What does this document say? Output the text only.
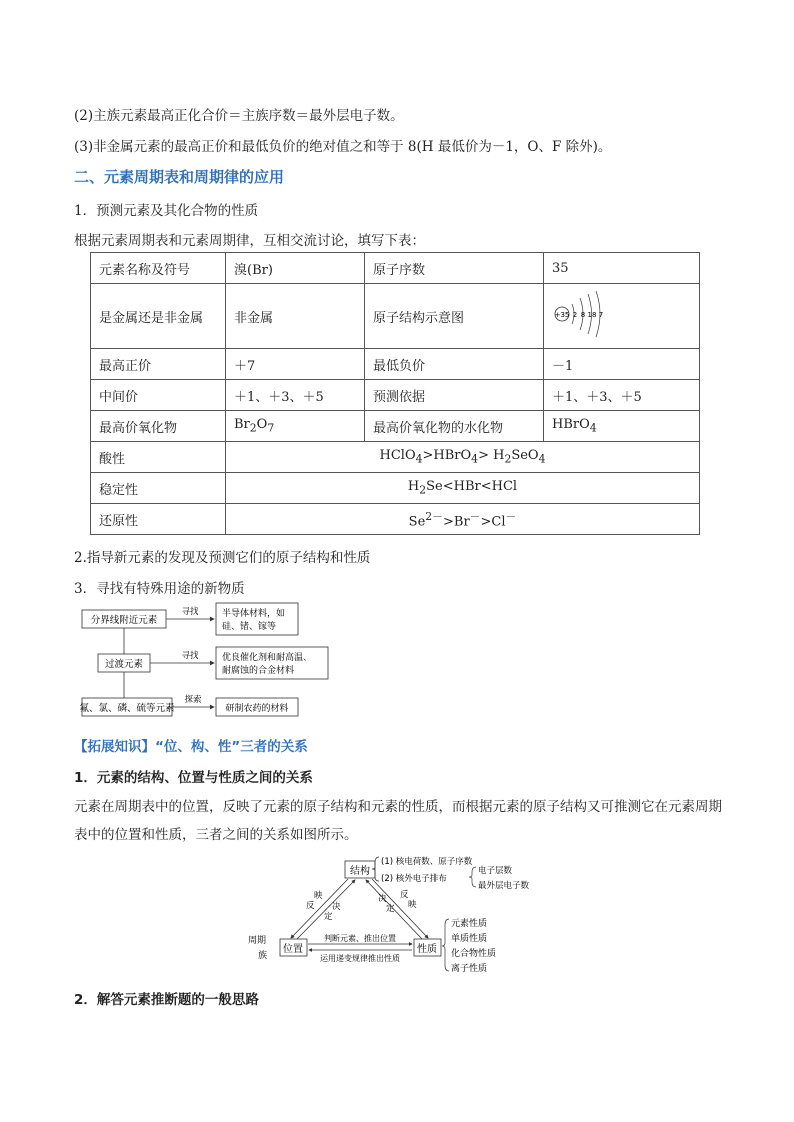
(2)主族元素最高正化合价＝主族序数＝最外层电子数。
(3)非金属元素的最高正价和最低负价的绝对值之和等于 8(H 最低价为－1，O、F 除外)。
二、元素周期表和周期律的应用
1．预测元素及其化合物的性质
根据元素周期表和元素周期律，互相交流讨论，填写下表：
元素名称及符号	溴(Br)	原子序数	35
是金属还是非金属	非金属	原子结构示意图	+35 2 8 18 7

最高正价	＋7	最低负价	－1
中间价	＋1、＋3、＋5	预测依据	＋1、＋3、＋5
最高价氧化物	$Br_2O_7$	最高价氧化物的水化物	HBrO$_4$
酸性	HClO$_4$>HBrO$_4$> $H_2SeO_4$
稳定性	$H_2Se<HBr<HCl$		
还原性	$Se^{2-}>Br^->Cl^-$
2.指导新元素的发现及预测它们的原子结构和性质
3．寻找有特殊用途的新物质
分界线附近元素
寻找	半导体材料，如
硅、锗、镓等
过渡元素
寻找	优良催化剂和耐高温、
耐腐蚀的合金材料
氟、氯、磷、硫等元素
探索
研制农药的材料
【拓展知识】“位、构、性”三者的关系
1．元素的结构、位置与性质之间的关系
元素在周期表中的位置，反映了元素的原子结构和元素的性质，而根据元素的原子结构又可推测它在元素周期表中的位置和性质，三者之间的关系如图所示。
结构
(1) 核电荷数、原子序数
(2) 核外电子排布
电子层数
最外层电子数
位置
周期
族
性质
反
映
决
定
决
定
反
映
判断元素、推出位置
运用递变规律推出性质
元素性质
单质性质
化合物性质
离子性质
2．解答元素推断题的一般思路
